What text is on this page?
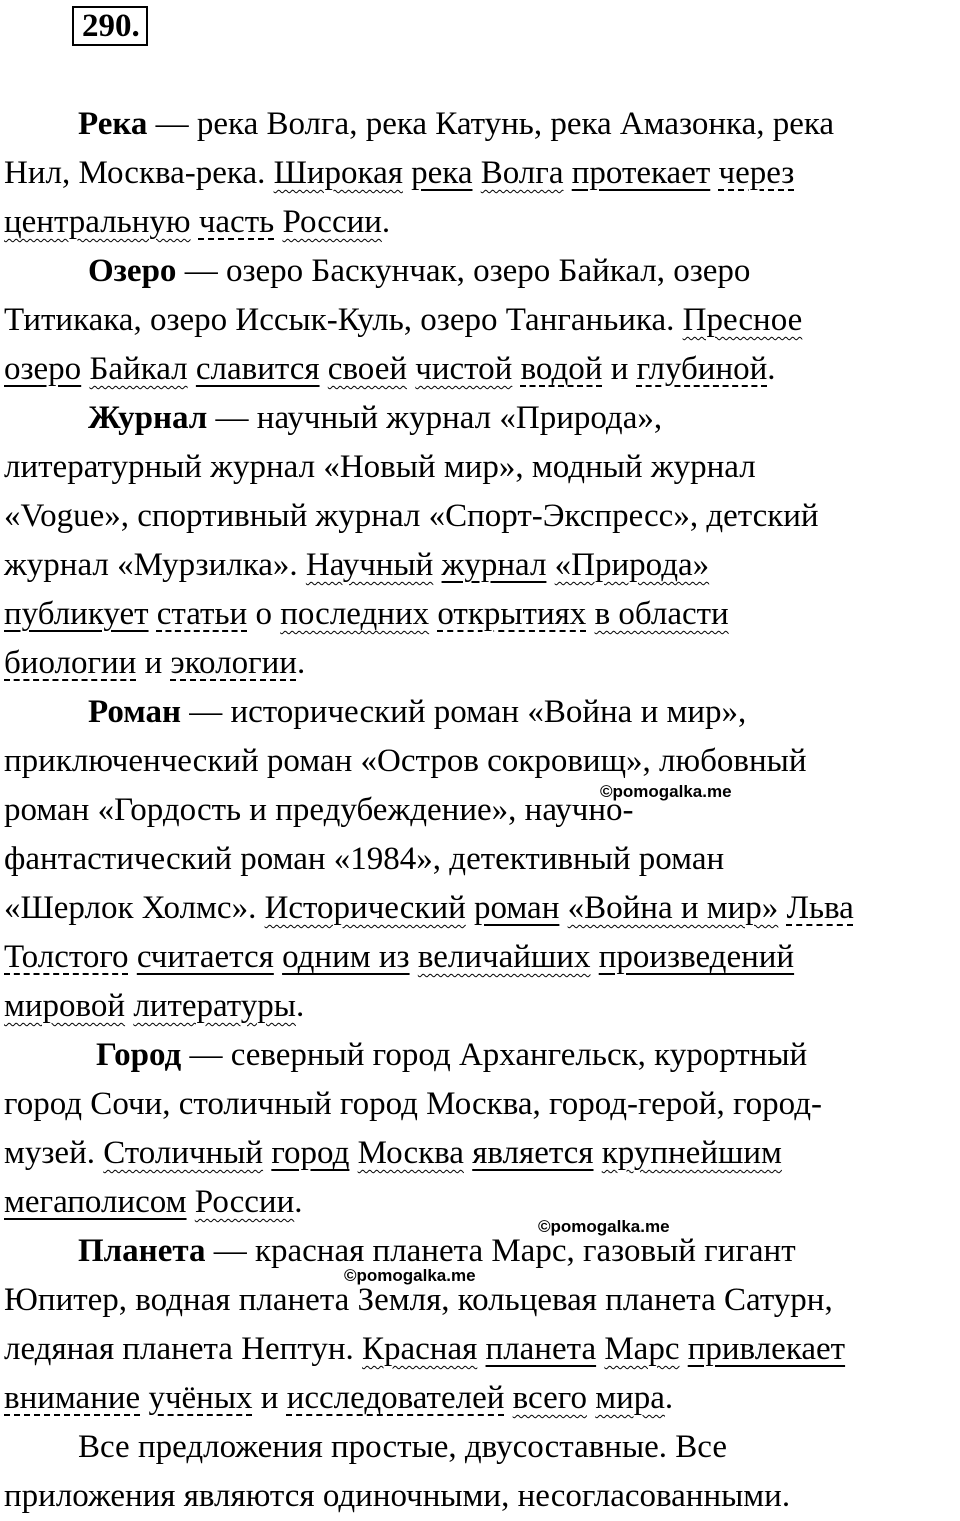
290.
Река — река Волга, река Катунь, река Амазонка, река
Нил, Москва-река. Широкая река Волга протекает через
центральную часть России.
Озеро — озеро Баскунчак, озеро Байкал, озеро
Титикака, озеро Иссык-Куль, озеро Танганьика. Пресное
озеро Байкал славится своей чистой водой и глубиной.
Журнал — научный журнал «Природа»,
литературный журнал «Новый мир», модный журнал
«Vogue», спортивный журнал «Спорт-Экспресс», детский
журнал «Мурзилка». Научный журнал «Природа»
публикует статьи о последних открытиях в области
биологии и экологии.
Роман — исторический роман «Война и мир»,
приключенческий роман «Остров сокровищ», любовный
роман «Гордость и предубеждение», научно-
фантастический роман «1984», детективный роман
«Шерлок Холмс». Исторический роман «Война и мир» Льва
Толстого считается одним из величайших произведений
мировой литературы.
Город — северный город Архангельск, курортный
город Сочи, столичный город Москва, город-герой, город-
музей. Столичный город Москва является крупнейшим
мегаполисом России.
Планета — красная планета Марс, газовый гигант
Юпитер, водная планета Земля, кольцевая планета Сатурн,
ледяная планета Нептун. Красная планета Марс привлекает
внимание учёных и исследователей всего мира.
Все предложения простые, двусоставные. Все
приложения являются одиночными, несогласованными.
©pomogalka.me
©pomogalka.me
©pomogalka.me
